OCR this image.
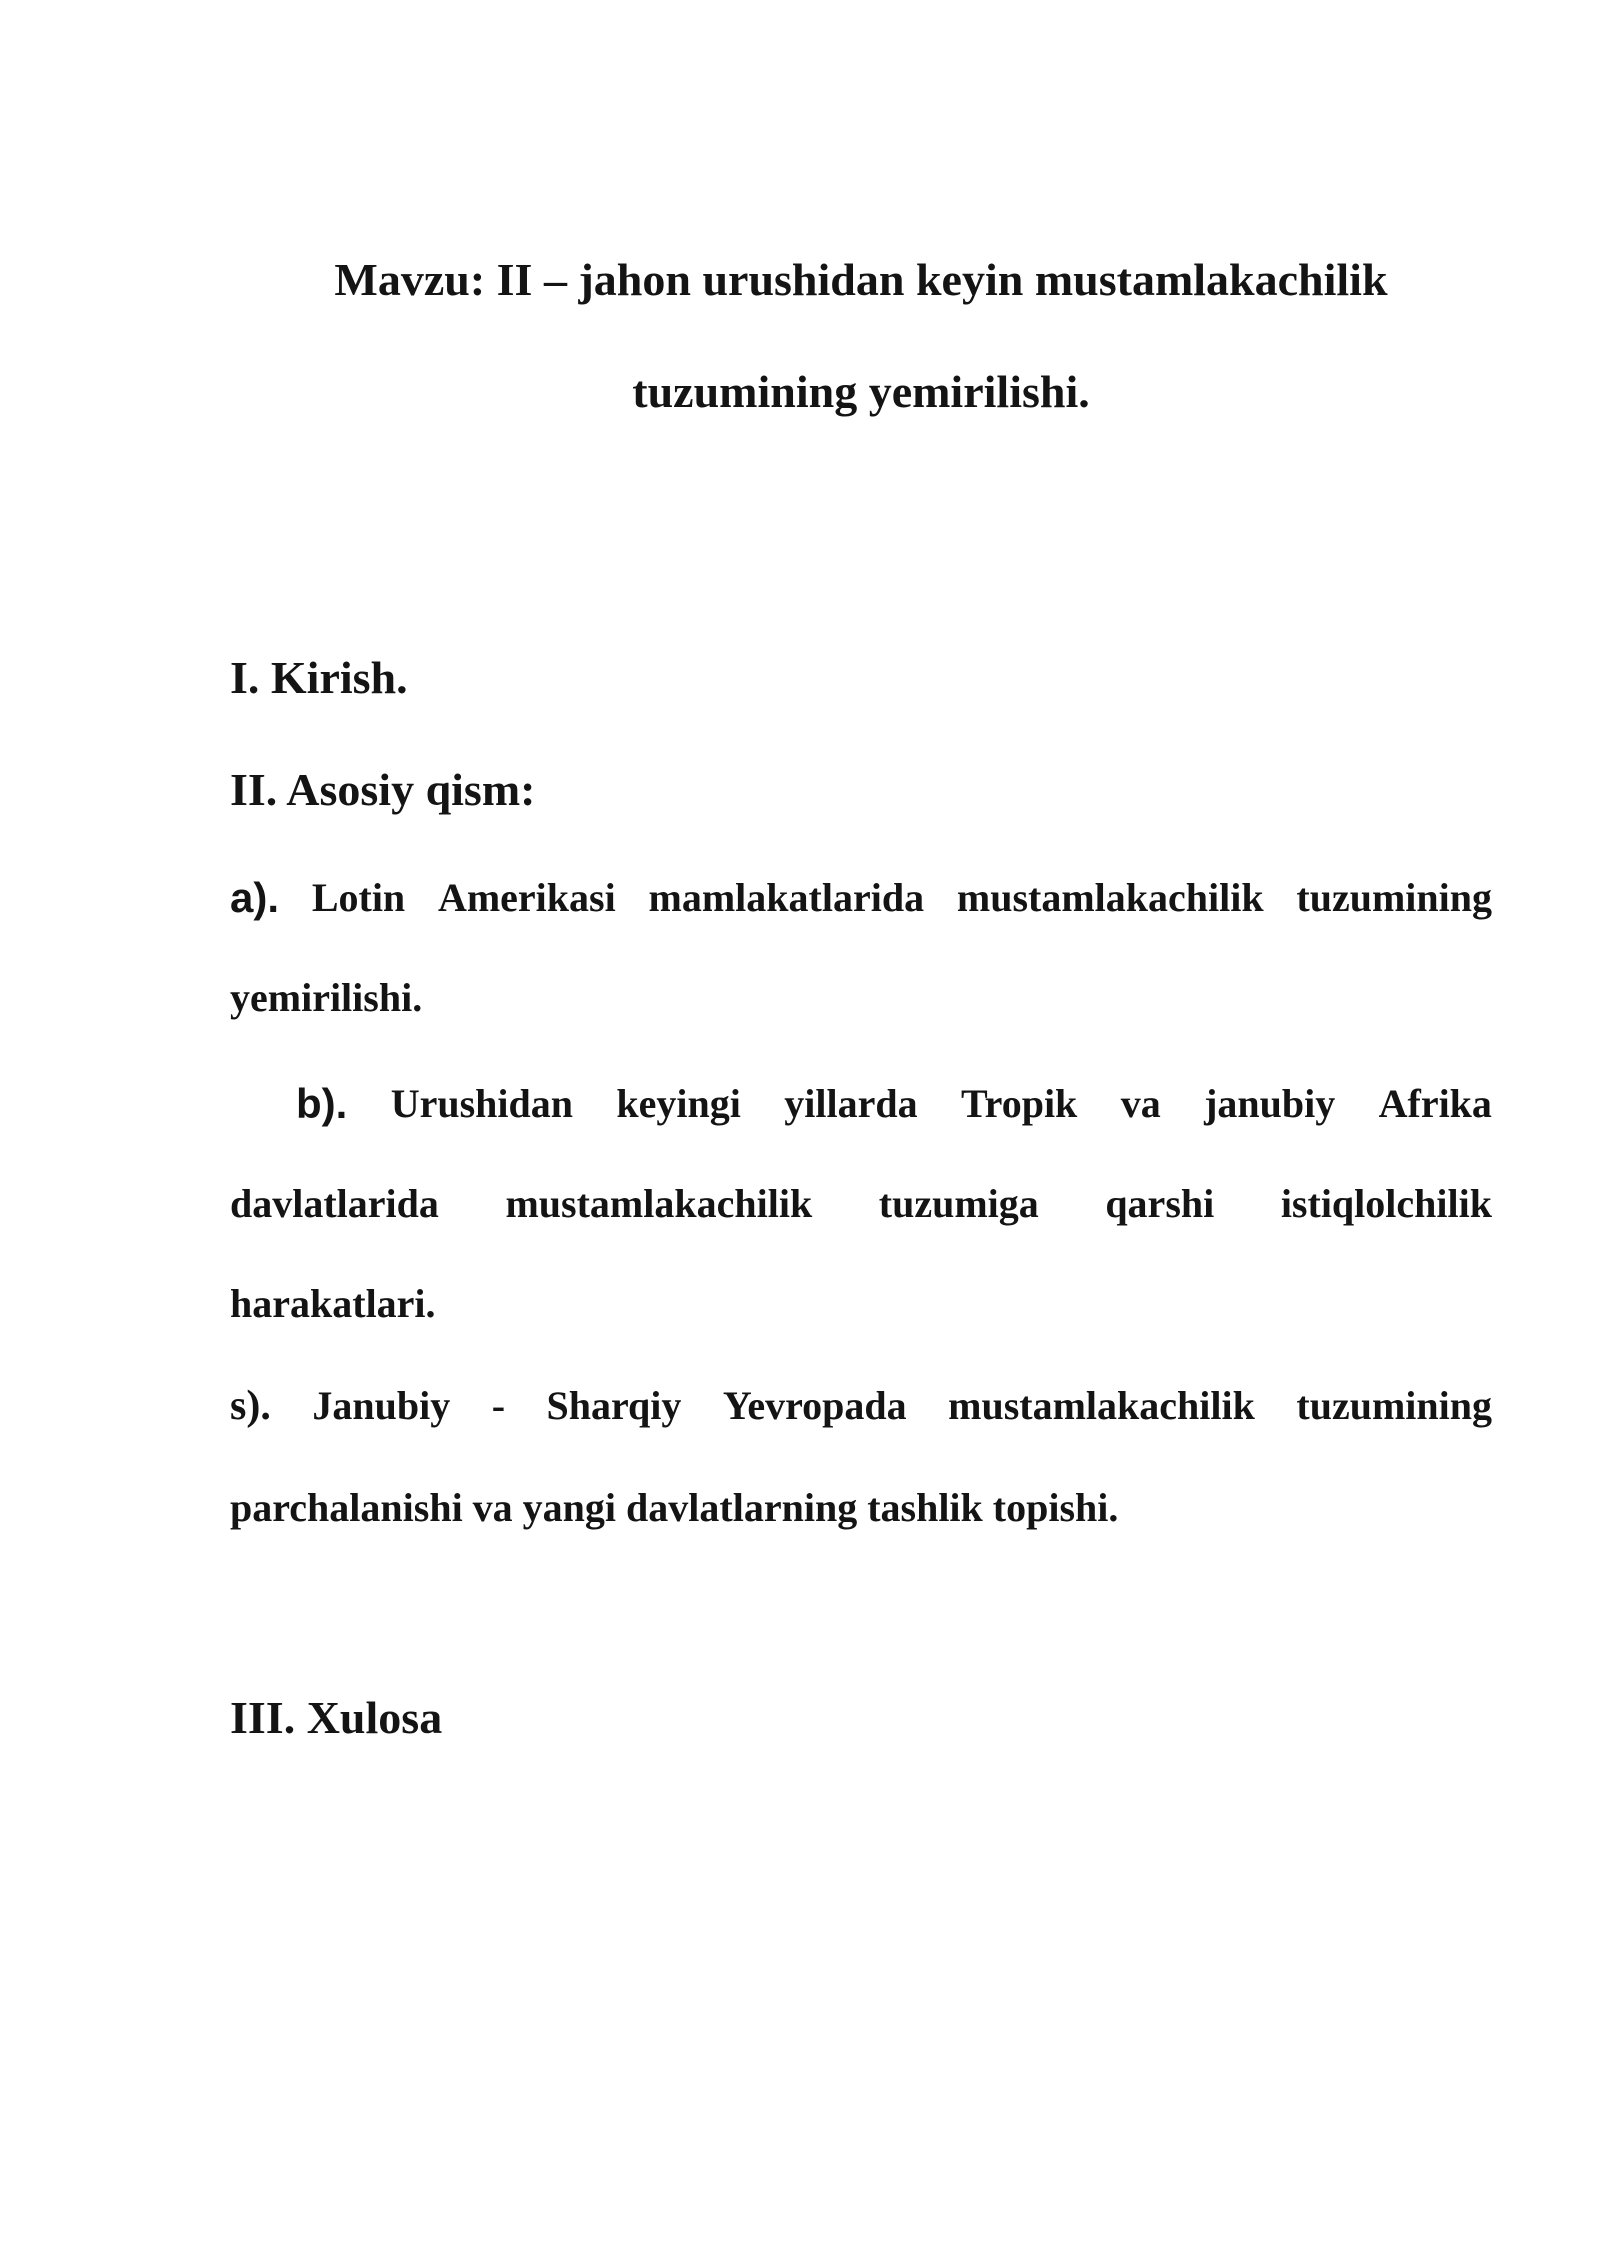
Mavzu: II – jahon urushidan keyin mustamlakachilik
tuzumining yemirilishi.
I. Kirish.
II. Asosiy qism:
a). Lotin Amerikasi mamlakatlarida mustamlakachilik tuzumining
yemirilishi.
b). Urushidan keyingi yillarda Tropik va janubiy Afrika
davlatlarida mustamlakachilik tuzumiga qarshi istiqlolchilik
harakatlari.
s). Janubiy - Sharqiy Yevropada mustamlakachilik tuzumining
parchalanishi va yangi davlatlarning tashlik topishi.
III. Xulosa
